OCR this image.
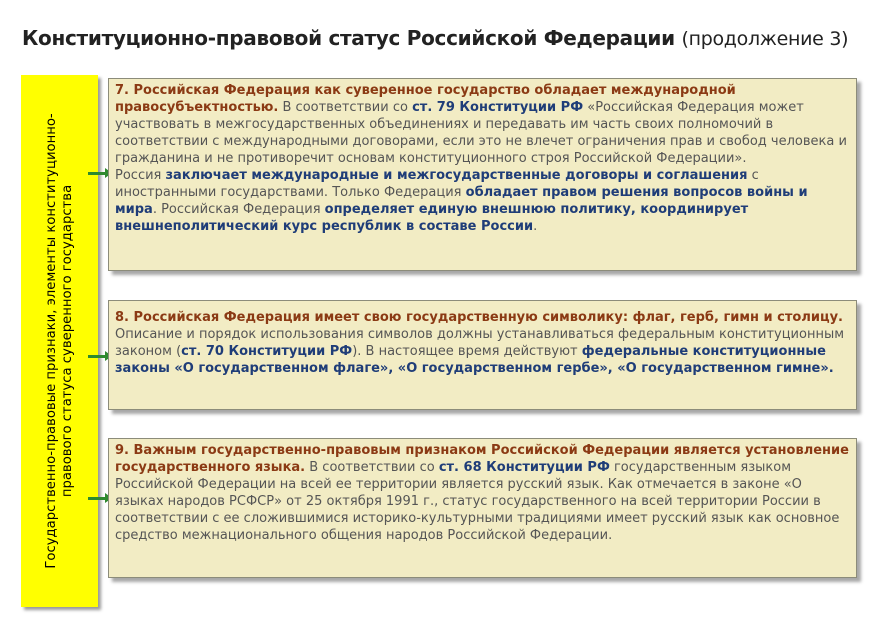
Конституционно-правовой статус Российской Федерации (продолжение 3)
Государственно-правовые признаки, элементы конституционно-правового статуса суверенного государства
7. Российская Федерация как суверенное государство обладает международной правосубъектностью. В соответствии со ст. 79 Конституции РФ «Российская Федерация может участвовать в межгосударственных объединениях и передавать им часть своих полномочий в соответствии с международными договорами, если это не влечет ограничения прав и свобод человека и гражданина и не противоречит основам конституционного строя Российской Федерации».
Россия заключает международные и межгосударственные договоры и соглашения с иностранными государствами. Только Федерация обладает правом решения вопросов войны и мира. Российская Федерация определяет единую внешнюю политику, координирует внешнеполитический курс республик в составе России.
8. Российская Федерация имеет свою государственную символику: флаг, герб, гимн и столицу. Описание и порядок использования символов должны устанавливаться федеральным конституционным законом (ст. 70 Конституции РФ). В настоящее время действуют федеральные конституционные законы «О государственном флаге», «О государственном гербе», «О государственном гимне».
9. Важным государственно-правовым признаком Российской Федерации является установление государственного языка. В соответствии со ст. 68 Конституции РФ государственным языком Российской Федерации на всей ее территории является русский язык. Как отмечается в законе «О языках народов РСФСР» от 25 октября 1991 г., статус государственного на всей территории России в соответствии с ее сложившимися историко-культурными традициями имеет русский язык как основное средство межнационального общения народов Российской Федерации.
